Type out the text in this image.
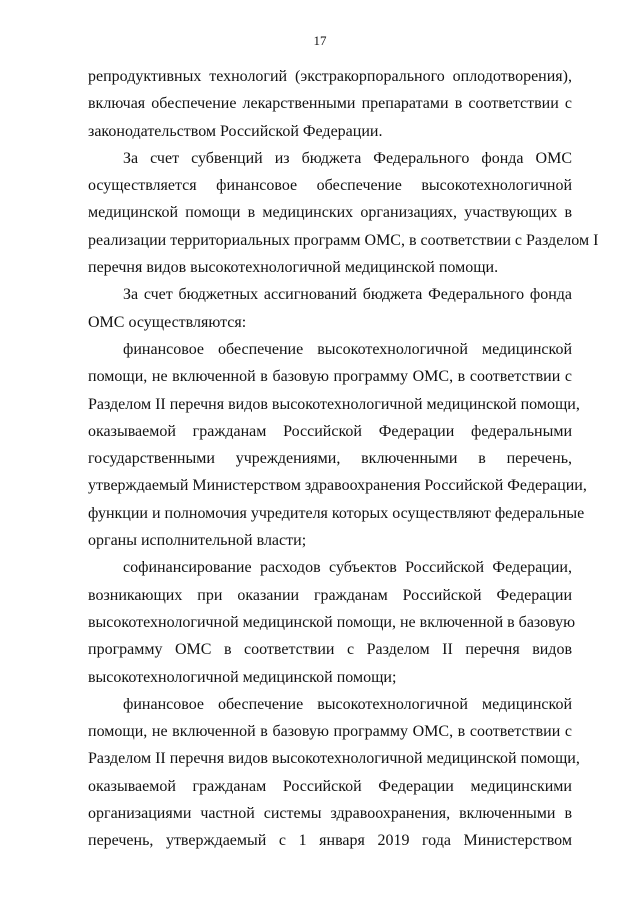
17
репродуктивных технологий (экстракорпорального оплодотворения),
включая обеспечение лекарственными препаратами в соответствии с
законодательством Российской Федерации.
За счет субвенций из бюджета Федерального фонда ОМС
осуществляется финансовое обеспечение высокотехнологичной
медицинской помощи в медицинских организациях, участвующих в
реализации территориальных программ ОМС, в соответствии с Разделом I
перечня видов высокотехнологичной медицинской помощи.
За счет бюджетных ассигнований бюджета Федерального фонда
ОМС осуществляются:
финансовое обеспечение высокотехнологичной медицинской
помощи, не включенной в базовую программу ОМС, в соответствии с
Разделом II перечня видов высокотехнологичной медицинской помощи,
оказываемой гражданам Российской Федерации федеральными
государственными учреждениями, включенными в перечень,
утверждаемый Министерством здравоохранения Российской Федерации,
функции и полномочия учредителя которых осуществляют федеральные
органы исполнительной власти;
софинансирование расходов субъектов Российской Федерации,
возникающих при оказании гражданам Российской Федерации
высокотехнологичной медицинской помощи, не включенной в базовую
программу ОМС в соответствии с Разделом II перечня видов
высокотехнологичной медицинской помощи;
финансовое обеспечение высокотехнологичной медицинской
помощи, не включенной в базовую программу ОМС, в соответствии с
Разделом II перечня видов высокотехнологичной медицинской помощи,
оказываемой гражданам Российской Федерации медицинскими
организациями частной системы здравоохранения, включенными в
перечень, утверждаемый с 1 января 2019 года Министерством
